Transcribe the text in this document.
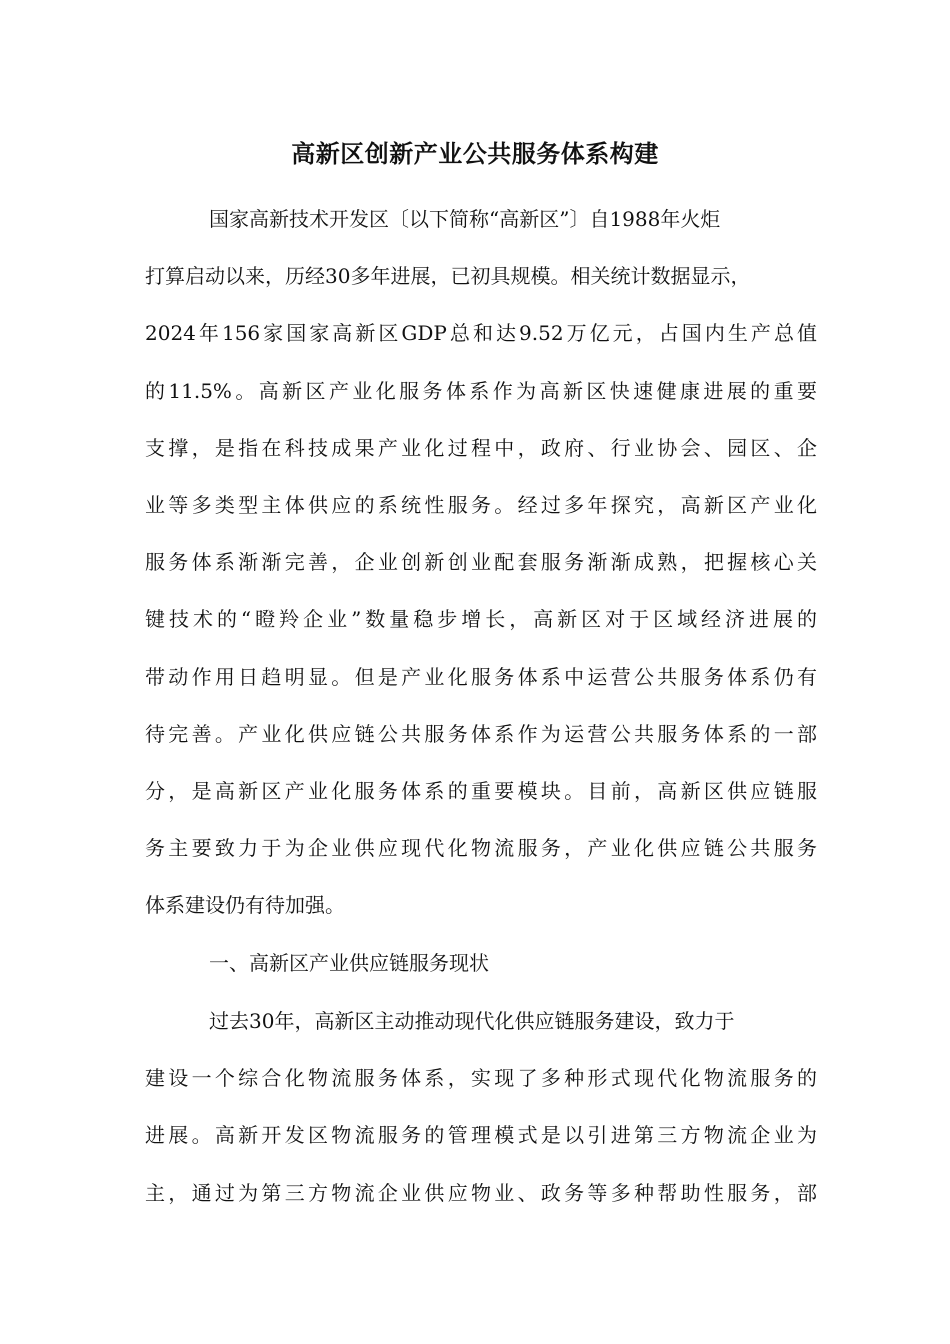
高新区创新产业公共服务体系构建
国家高新技术开发区〔以下简称“高新区”〕自1988年火炬
打算启动以来，历经30多年进展，已初具规模。相关统计数据显示，
2024年156家国家高新区GDP总和达9.52万亿元，占国内生产总值
的11.5%。高新区产业化服务体系作为高新区快速健康进展的重要
支撑，是指在科技成果产业化过程中，政府、行业协会、园区、企
业等多类型主体供应的系统性服务。经过多年探究，高新区产业化
服务体系渐渐完善，企业创新创业配套服务渐渐成熟，把握核心关
键技术的“瞪羚企业”数量稳步增长，高新区对于区域经济进展的
带动作用日趋明显。但是产业化服务体系中运营公共服务体系仍有
待完善。产业化供应链公共服务体系作为运营公共服务体系的一部
分，是高新区产业化服务体系的重要模块。目前，高新区供应链服
务主要致力于为企业供应现代化物流服务，产业化供应链公共服务
体系建设仍有待加强。
一、高新区产业供应链服务现状
过去30年，高新区主动推动现代化供应链服务建设，致力于
建设一个综合化物流服务体系，实现了多种形式现代化物流服务的
进展。高新开发区物流服务的管理模式是以引进第三方物流企业为
主，通过为第三方物流企业供应物业、政务等多种帮助性服务，部
